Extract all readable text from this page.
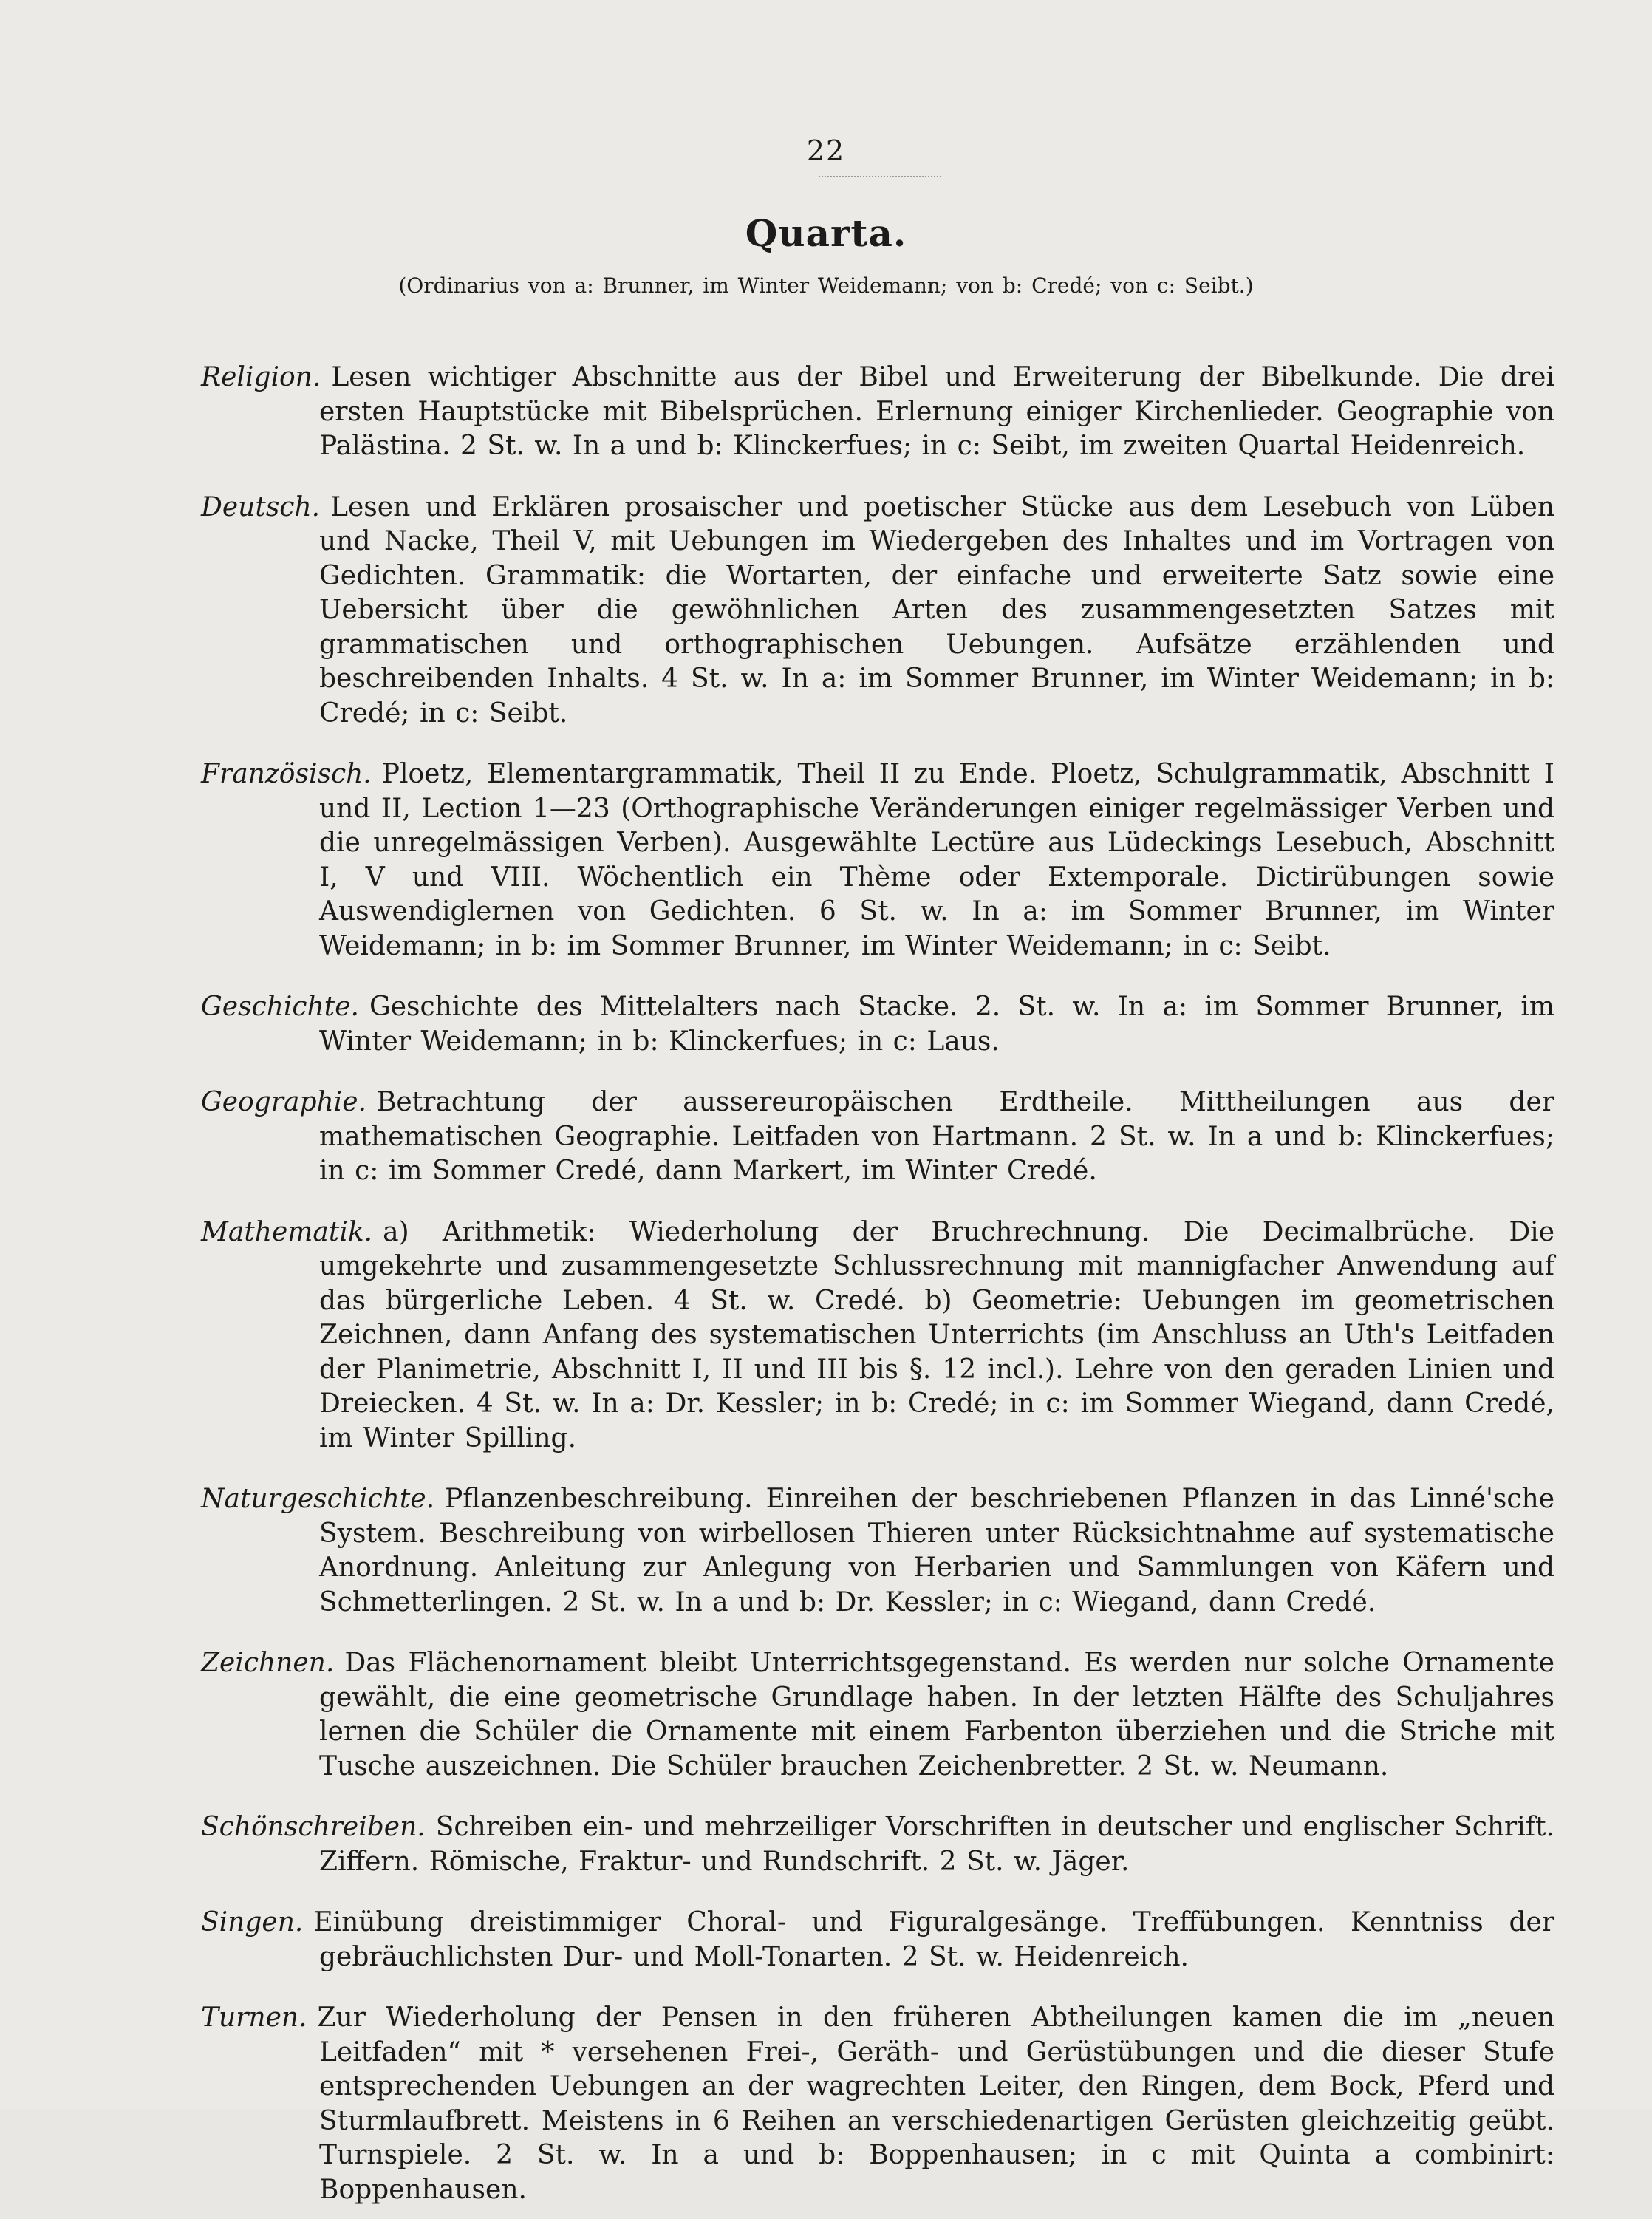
22
Quarta.
(Ordinarius von a: Brunner, im Winter Weidemann; von b: Credé; von c: Seibt.)

Religion. Lesen wichtiger Abschnitte aus der Bibel und Erweiterung der Bibelkunde. Die drei ersten Hauptstücke mit Bibelsprüchen. Erlernung einiger Kirchenlieder. Geographie von Palästina. 2 St. w. In a und b: Klinckerfues; in c: Seibt, im zweiten Quartal Heidenreich.

Deutsch. Lesen und Erklären prosaischer und poetischer Stücke aus dem Lesebuch von Lüben und Nacke, Theil V, mit Uebungen im Wiedergeben des Inhaltes und im Vortragen von Gedichten. Grammatik: die Wortarten, der einfache und erweiterte Satz sowie eine Uebersicht über die gewöhnlichen Arten des zusammengesetzten Satzes mit grammatischen und orthographischen Uebungen. Aufsätze erzählenden und beschreibenden Inhalts. 4 St. w. In a: im Sommer Brunner, im Winter Weidemann; in b: Credé; in c: Seibt.

Französisch. Ploetz, Elementargrammatik, Theil II zu Ende. Ploetz, Schulgrammatik, Abschnitt I und II, Lection 1—23 (Orthographische Veränderungen einiger regelmässiger Verben und die unregelmässigen Verben). Ausgewählte Lectüre aus Lüdeckings Lesebuch, Abschnitt I, V und VIII. Wöchentlich ein Thème oder Extemporale. Dictirübungen sowie Auswendiglernen von Gedichten. 6 St. w. In a: im Sommer Brunner, im Winter Weidemann; in b: im Sommer Brunner, im Winter Weidemann; in c: Seibt.

Geschichte. Geschichte des Mittelalters nach Stacke. 2. St. w. In a: im Sommer Brunner, im Winter Weidemann; in b: Klinckerfues; in c: Laus.

Geographie. Betrachtung der aussereuropäischen Erdtheile. Mittheilungen aus der mathematischen Geographie. Leitfaden von Hartmann. 2 St. w. In a und b: Klinckerfues; in c: im Sommer Credé, dann Markert, im Winter Credé.

Mathematik. a) Arithmetik: Wiederholung der Bruchrechnung. Die Decimalbrüche. Die umgekehrte und zusammengesetzte Schlussrechnung mit mannigfacher Anwendung auf das bürgerliche Leben. 4 St. w. Credé. b) Geometrie: Uebungen im geometrischen Zeichnen, dann Anfang des systematischen Unterrichts (im Anschluss an Uth's Leitfaden der Planimetrie, Abschnitt I, II und III bis §. 12 incl.). Lehre von den geraden Linien und Dreiecken. 4 St. w. In a: Dr. Kessler; in b: Credé; in c: im Sommer Wiegand, dann Credé, im Winter Spilling.

Naturgeschichte. Pflanzenbeschreibung. Einreihen der beschriebenen Pflanzen in das Linné'sche System. Beschreibung von wirbellosen Thieren unter Rücksichtnahme auf systematische Anordnung. Anleitung zur Anlegung von Herbarien und Sammlungen von Käfern und Schmetterlingen. 2 St. w. In a und b: Dr. Kessler; in c: Wiegand, dann Credé.

Zeichnen. Das Flächenornament bleibt Unterrichtsgegenstand. Es werden nur solche Ornamente gewählt, die eine geometrische Grundlage haben. In der letzten Hälfte des Schuljahres lernen die Schüler die Ornamente mit einem Farbenton überziehen und die Striche mit Tusche auszeichnen. Die Schüler brauchen Zeichenbretter. 2 St. w. Neumann.

Schönschreiben. Schreiben ein- und mehrzeiliger Vorschriften in deutscher und englischer Schrift. Ziffern. Römische, Fraktur- und Rundschrift. 2 St. w. Jäger.

Singen. Einübung dreistimmiger Choral- und Figuralgesänge. Treffübungen. Kenntniss der gebräuchlichsten Dur- und Moll-Tonarten. 2 St. w. Heidenreich.

Turnen. Zur Wiederholung der Pensen in den früheren Abtheilungen kamen die im „neuen Leitfaden“ mit * versehenen Frei-, Geräth- und Gerüstübungen und die dieser Stufe entsprechenden Uebungen an der wagrechten Leiter, den Ringen, dem Bock, Pferd und Sturmlaufbrett. Meistens in 6 Reihen an verschiedenartigen Gerüsten gleichzeitig geübt. Turnspiele. 2 St. w. In a und b: Boppenhausen; in c mit Quinta a combinirt: Boppenhausen.
